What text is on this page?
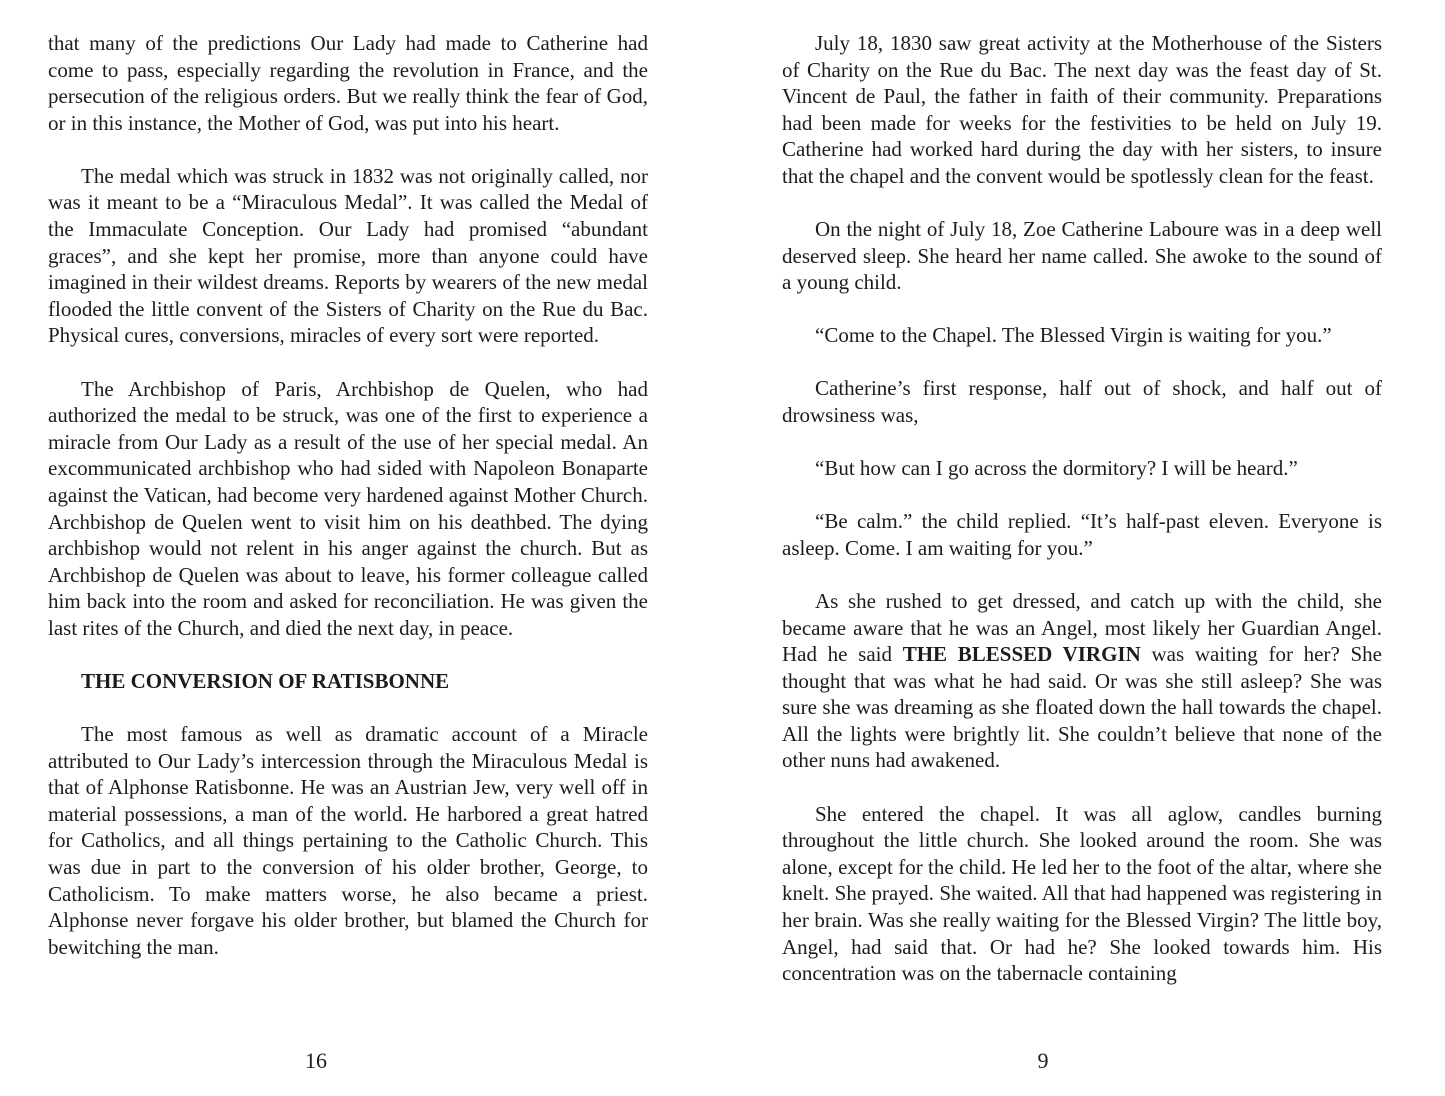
that many of the predictions Our Lady had made to Catherine had come to pass, especially regarding the revolution in France, and the persecution of the religious orders. But we really think the fear of God, or in this instance, the Mother of God, was put into his heart.

The medal which was struck in 1832 was not originally called, nor was it meant to be a “Miraculous Medal”. It was called the Medal of the Immaculate Conception. Our Lady had promised “abundant graces”, and she kept her promise, more than anyone could have imagined in their wildest dreams. Reports by wearers of the new medal flooded the little convent of the Sisters of Charity on the Rue du Bac. Physical cures, conversions, miracles of every sort were reported.

The Archbishop of Paris, Archbishop de Quelen, who had authorized the medal to be struck, was one of the first to experience a miracle from Our Lady as a result of the use of her special medal. An excommunicated archbishop who had sided with Napoleon Bonaparte against the Vatican, had become very hardened against Mother Church. Archbishop de Quelen went to visit him on his deathbed. The dying archbishop would not relent in his anger against the church. But as Archbishop de Quelen was about to leave, his former colleague called him back into the room and asked for reconciliation. He was given the last rites of the Church, and died the next day, in peace.

THE CONVERSION OF RATISBONNE

The most famous as well as dramatic account of a Miracle attributed to Our Lady’s intercession through the Miraculous Medal is that of Alphonse Ratisbonne. He was an Austrian Jew, very well off in material possessions, a man of the world. He harbored a great hatred for Catholics, and all things pertaining to the Catholic Church. This was due in part to the conversion of his older brother, George, to Catholicism. To make matters worse, he also became a priest. Alphonse never forgave his older brother, but blamed the Church for bewitching the man.

16

July 18, 1830 saw great activity at the Motherhouse of the Sisters of Charity on the Rue du Bac. The next day was the feast day of St. Vincent de Paul, the father in faith of their community. Preparations had been made for weeks for the festivities to be held on July 19. Catherine had worked hard during the day with her sisters, to insure that the chapel and the convent would be spotlessly clean for the feast.

On the night of July 18, Zoe Catherine Laboure was in a deep well deserved sleep. She heard her name called. She awoke to the sound of a young child.

“Come to the Chapel. The Blessed Virgin is waiting for you.”

Catherine’s first response, half out of shock, and half out of drowsiness was,

“But how can I go across the dormitory? I will be heard.”

“Be calm.” the child replied. “It’s half-past eleven. Everyone is asleep. Come. I am waiting for you.”

As she rushed to get dressed, and catch up with the child, she became aware that he was an Angel, most likely her Guardian Angel. Had he said THE BLESSED VIRGIN was waiting for her? She thought that was what he had said. Or was she still asleep? She was sure she was dreaming as she floated down the hall towards the chapel. All the lights were brightly lit. She couldn’t believe that none of the other nuns had awakened.

She entered the chapel. It was all aglow, candles burning throughout the little church. She looked around the room. She was alone, except for the child. He led her to the foot of the altar, where she knelt. She prayed. She waited. All that had happened was registering in her brain. Was she really waiting for the Blessed Virgin? The little boy, Angel, had said that. Or had he? She looked towards him. His concentration was on the tabernacle containing

9
